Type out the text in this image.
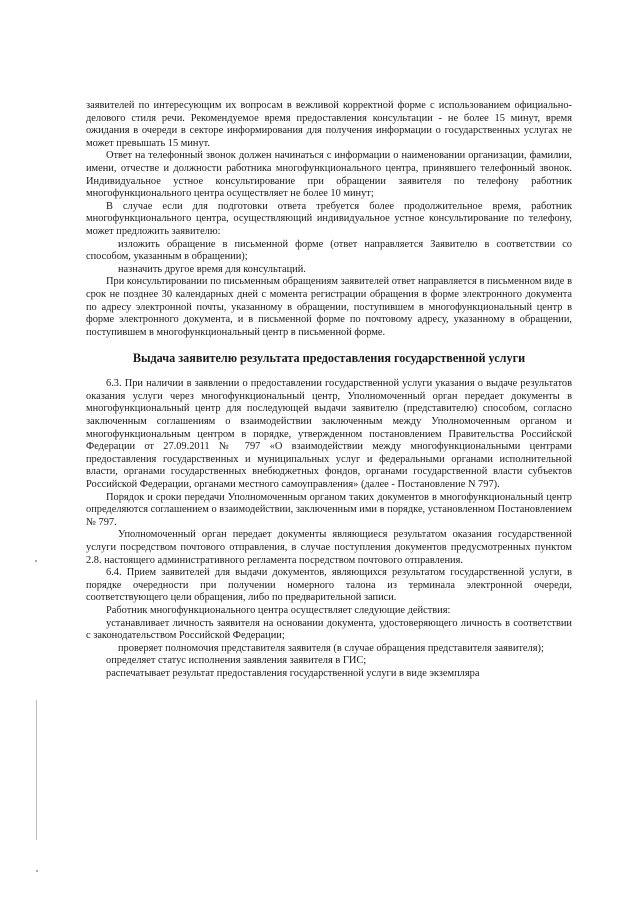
заявителей по интересующим их вопросам в вежливой корректной форме с использованием официально-делового стиля речи. Рекомендуемое время предоставления консультации - не более 15 минут, время ожидания в очереди в секторе информирования для получения информации о государственных услугах не может превышать 15 минут.

Ответ на телефонный звонок должен начинаться с информации о наименовании организации, фамилии, имени, отчестве и должности работника многофункционального центра, принявшего телефонный звонок. Индивидуальное устное консультирование при обращении заявителя по телефону работник многофункционального центра осуществляет не более 10 минут;

В случае если для подготовки ответа требуется более продолжительное время, работник многофункционального центра, осуществляющий индивидуальное устное консультирование по телефону, может предложить заявителю:

изложить обращение в письменной форме (ответ направляется Заявителю в соответствии со способом, указанным в обращении);

назначить другое время для консультаций.

При консультировании по письменным обращениям заявителей ответ направляется в письменном виде в срок не позднее 30 календарных дней с момента регистрации обращения в форме электронного документа по адресу электронной почты, указанному в обращении, поступившем в многофункциональный центр в форме электронного документа, и в письменной форме по почтовому адресу, указанному в обращении, поступившем в многофункциональный центр в письменной форме.

Выдача заявителю результата предоставления государственной услуги

6.3. При наличии в заявлении о предоставлении государственной услуги указания о выдаче результатов оказания услуги через многофункциональный центр, Уполномоченный орган передает документы в многофункциональный центр для последующей выдачи заявителю (представителю) способом, согласно заключенным соглашениям о взаимодействии заключенным между Уполномоченным органом и многофункциональным центром в порядке, утвержденном постановлением Правительства Российской Федерации от 27.09.2011 № 797 «О взаимодействии между многофункциональными центрами предоставления государственных и муниципальных услуг и федеральными органами исполнительной власти, органами государственных внебюджетных фондов, органами государственной власти субъектов Российской Федерации, органами местного самоуправления» (далее - Постановление N 797).

Порядок и сроки передачи Уполномоченным органом таких документов в многофункциональный центр определяются соглашением о взаимодействии, заключенным ими в порядке, установленном Постановлением № 797.

Уполномоченный орган передает документы являющиеся результатом оказания государственной услуги посредством почтового отправления, в случае поступления документов предусмотренных пунктом 2.8. настоящего административного регламента посредством почтового отправления.

6.4. Прием заявителей для выдачи документов, являющихся результатом государственной услуги, в порядке очередности при получении номерного талона из терминала электронной очереди, соответствующего цели обращения, либо по предварительной записи.

Работник многофункционального центра осуществляет следующие действия:

устанавливает личность заявителя на основании документа, удостоверяющего личность в соответствии с законодательством Российской Федерации;

проверяет полномочия представителя заявителя (в случае обращения представителя заявителя);

определяет статус исполнения заявления заявителя в ГИС;

распечатывает результат предоставления государственной услуги в виде экземпляра
